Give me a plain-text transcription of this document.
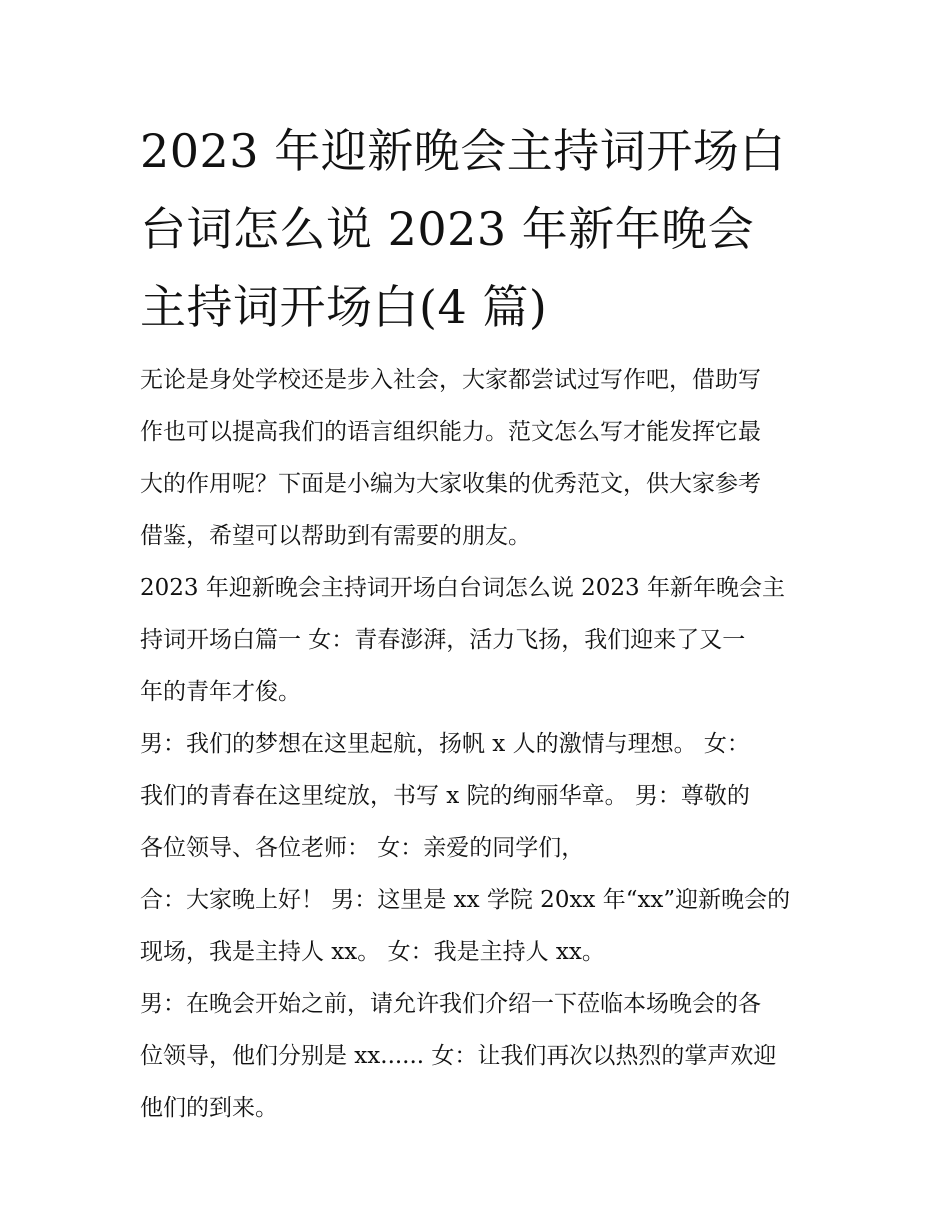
2023 年迎新晚会主持词开场白
台词怎么说 2023 年新年晚会
主持词开场白(4 篇)
无论是身处学校还是步入社会，大家都尝试过写作吧，借助写
作也可以提高我们的语言组织能力。范文怎么写才能发挥它最
大的作用呢？下面是小编为大家收集的优秀范文，供大家参考
借鉴，希望可以帮助到有需要的朋友。
2023 年迎新晚会主持词开场白台词怎么说 2023 年新年晚会主
持词开场白篇一 女：青春澎湃，活力飞扬，我们迎来了又一
年的青年才俊。
男：我们的梦想在这里起航，扬帆 x 人的激情与理想。 女：
我们的青春在这里绽放，书写 x 院的绚丽华章。 男：尊敬的
各位领导、各位老师： 女：亲爱的同学们，
合：大家晚上好！ 男：这里是 xx 学院 20xx 年“xx”迎新晚会的
现场，我是主持人 xx。 女：我是主持人 xx。
男：在晚会开始之前，请允许我们介绍一下莅临本场晚会的各
位领导，他们分别是 xx...... 女：让我们再次以热烈的掌声欢迎
他们的到来。
